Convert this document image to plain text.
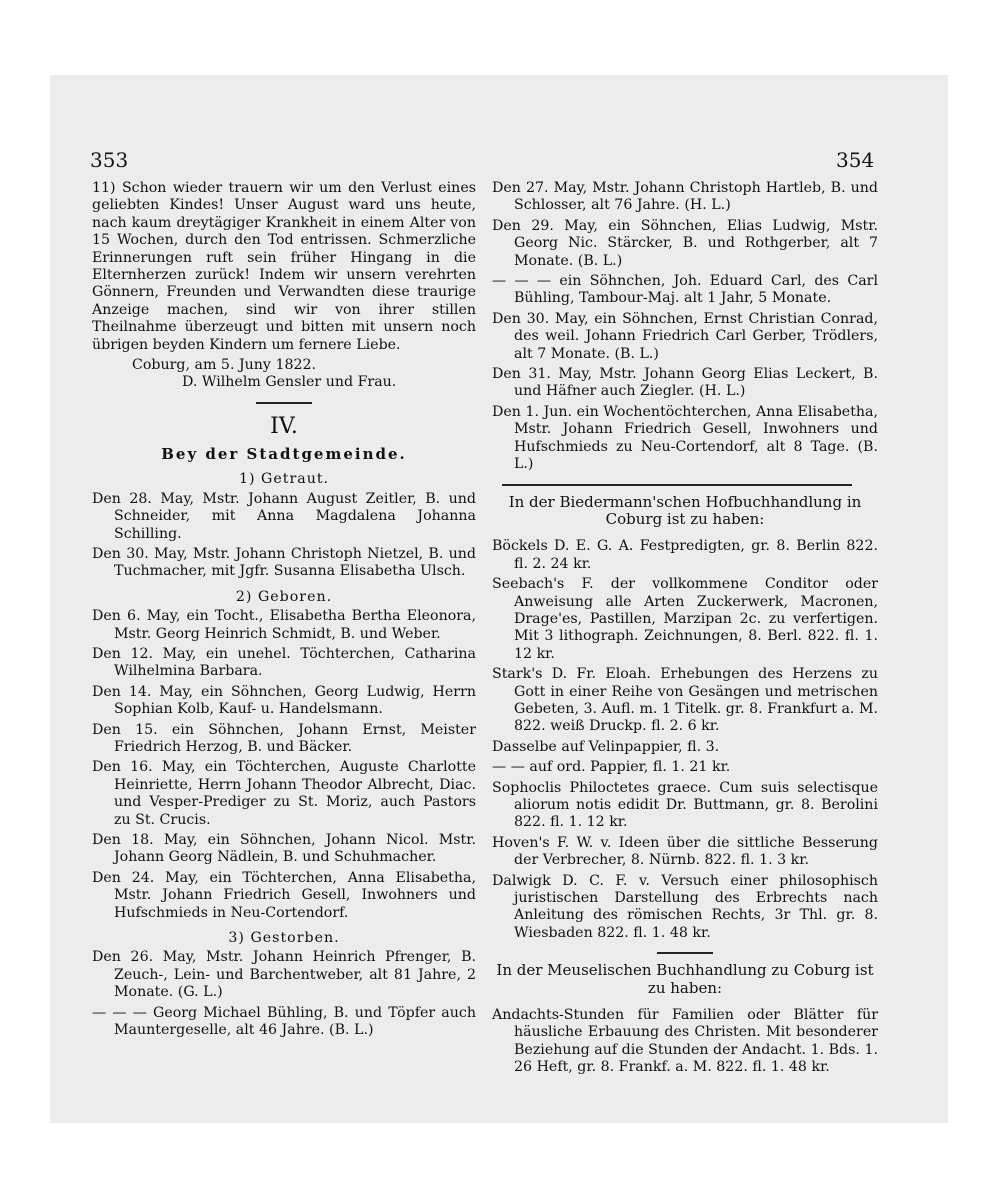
353	354

11) Schon wieder trauern wir um den Verlust eines geliebten Kindes! Unser August ward uns heute, nach kaum dreytägiger Krankheit in einem Alter von 15 Wochen, durch den Tod entrissen. Schmerzliche Erinnerungen ruft sein früher Hingang in die Elternherzen zurück! Indem wir unsern verehrten Gönnern, Freunden und Verwandten diese traurige Anzeige machen, sind wir von ihrer stillen Theilnahme überzeugt und bitten mit unsern noch übrigen beyden Kindern um fernere Liebe.

Coburg, am 5. Juny 1822.

D. Wilhelm Gensler und Frau.

IV.

Bey der Stadtgemeinde.

1) Getraut.

Den 28. May, Mstr. Johann August Zeitler, B. und Schneider, mit Anna Magdalena Johanna Schilling.

Den 30. May, Mstr. Johann Christoph Nietzel, B. und Tuchmacher, mit Jgfr. Susanna Elisabetha Ulsch.

2) Geboren.

Den 6. May, ein Tocht., Elisabetha Bertha Eleonora, Mstr. Georg Heinrich Schmidt, B. und Weber.

Den 12. May, ein unehel. Töchterchen, Catharina Wilhelmina Barbara.

Den 14. May, ein Söhnchen, Georg Ludwig, Herrn Sophian Kolb, Kauf- u. Handelsmann.

Den 15. ein Söhnchen, Johann Ernst, Meister Friedrich Herzog, B. und Bäcker.

Den 16. May, ein Töchterchen, Auguste Charlotte Heinriette, Herrn Johann Theodor Albrecht, Diac. und Vesper-Prediger zu St. Moriz, auch Pastors zu St. Crucis.

Den 18. May, ein Söhnchen, Johann Nicol. Mstr. Johann Georg Nädlein, B. und Schuhmacher.

Den 24. May, ein Töchterchen, Anna Elisabetha, Mstr. Johann Friedrich Gesell, Inwohners und Hufschmieds in Neu-Cortendorf.

3) Gestorben.

Den 26. May, Mstr. Johann Heinrich Pfrenger, B. Zeuch-, Lein- und Barchentweber, alt 81 Jahre, 2 Monate. (G. L.)

— — — Georg Michael Bühling, B. und Töpfer auch Mauntergeselle, alt 46 Jahre. (B. L.)

Den 27. May, Mstr. Johann Christoph Hartleb, B. und Schlosser, alt 76 Jahre. (H. L.)

Den 29. May, ein Söhnchen, Elias Ludwig, Mstr. Georg Nic. Stärcker, B. und Rothgerber, alt 7 Monate. (B. L.)

— — — ein Söhnchen, Joh. Eduard Carl, des Carl Bühling, Tambour-Maj. alt 1 Jahr, 5 Monate.

Den 30. May, ein Söhnchen, Ernst Christian Conrad, des weil. Johann Friedrich Carl Gerber, Trödlers, alt 7 Monate. (B. L.)

Den 31. May, Mstr. Johann Georg Elias Leckert, B. und Häfner auch Ziegler. (H. L.)

Den 1. Jun. ein Wochentöchterchen, Anna Elisabetha, Mstr. Johann Friedrich Gesell, Inwohners und Hufschmieds zu Neu-Cortendorf, alt 8 Tage. (B. L.)

In der Biedermann'schen Hofbuchhandlung in Coburg ist zu haben:

Böckels D. E. G. A. Festpredigten, gr. 8. Berlin 822. fl. 2. 24 kr.

Seebach's F. der vollkommene Conditor oder Anweisung alle Arten Zuckerwerk, Macronen, Drage'es, Pastillen, Marzipan 2c. zu verfertigen. Mit 3 lithograph. Zeichnungen, 8. Berl. 822. fl. 1. 12 kr.

Stark's D. Fr. Eloah. Erhebungen des Herzens zu Gott in einer Reihe von Gesängen und metrischen Gebeten, 3. Aufl. m. 1 Titelk. gr. 8. Frankfurt a. M. 822. weiß Druckp. fl. 2. 6 kr.

Dasselbe auf Velinpappier, fl. 3.

— — auf ord. Pappier, fl. 1. 21 kr.

Sophoclis Philoctetes graece. Cum suis selectisque aliorum notis edidit Dr. Buttmann, gr. 8. Berolini 822. fl. 1. 12 kr.

Hoven's F. W. v. Ideen über die sittliche Besserung der Verbrecher, 8. Nürnb. 822. fl. 1. 3 kr.

Dalwigk D. C. F. v. Versuch einer philosophisch juristischen Darstellung des Erbrechts nach Anleitung des römischen Rechts, 3r Thl. gr. 8. Wiesbaden 822. fl. 1. 48 kr.

In der Meuselischen Buchhandlung zu Coburg ist zu haben:

Andachts-Stunden für Familien oder Blätter für häusliche Erbauung des Christen. Mit besonderer Beziehung auf die Stunden der Andacht. 1. Bds. 1. 26 Heft, gr. 8. Frankf. a. M. 822. fl. 1. 48 kr.
